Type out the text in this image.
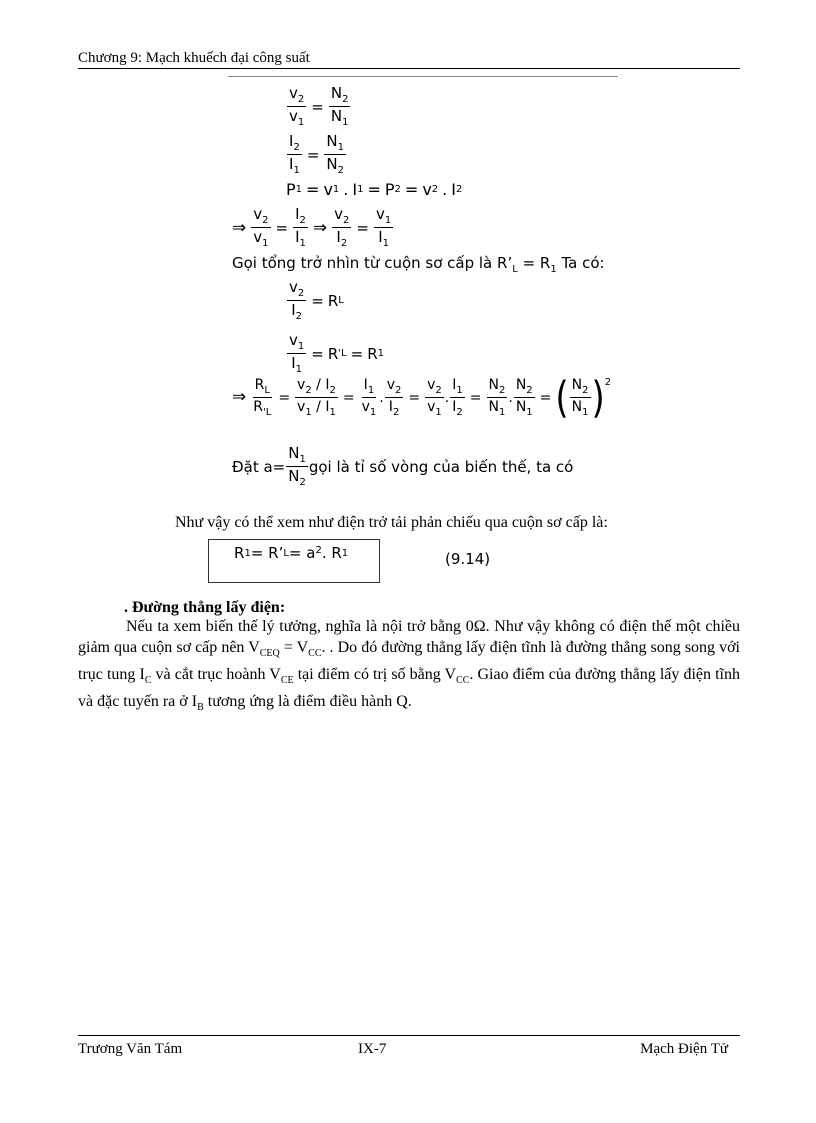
Chương 9: Mạch khuếch đại công suất
$\frac{v_2}{v_1} = \frac{N_2}{N_1}$
$\frac{I_2}{I_1} = \frac{N_1}{N_2}$
P 1 = v 1 . I 1 = P 2 = v 2 . I 2
⇒ $\frac{v_2}{v_1} = \frac{I_2}{I_1}$ ⇒ $\frac{v_2}{I_2} = \frac{v_1}{I_1}$
Gọi tổng trở nhìn từ cuộn sơ cấp là $R’_L = R_1$ Ta có:
$\frac{v_2}{I_2} = R$ L
$\frac{v_1}{I_1} = R$ 'L = R 1
⇒ $\frac{R_L}{R_{'L}} = \frac{v_2 / I_2}{v_1 / I_1} = \frac{I_1}{v_1}$ . $\frac{v_2}{I_2} = \frac{v_2}{v_1}$ . $\frac{I_1}{I_2} = \frac{N_2}{N_1}$ . $\frac{N_2}{N_1}$ = ( $\frac{N_2}{N_1} )^2$
Đặt $a= \frac{N_1}{N_2}$ gọi là tỉ số vòng của biến thế, ta có
Như vậy có thể xem như điện trở tải phản chiếu qua cuộn sơ cấp là:
R 1 = R’ L = a 2 . R 1	(9.14)
. Đường thẳng lấy điện:
Nếu ta xem biến thế lý tưởng, nghĩa là nội trở bằng 0Ω. Như vậy không có điện thế một chiều giảm qua cuộn sơ cấp nên $V_{CEQ} = V_{CC}$. . Do đó đường thẳng lấy điện tĩnh là đường thẳng song song với trục tung $I_C$ và cắt trục hoành $V_{CE}$ tại điểm có trị số bằng $V_{CC}$. Giao điểm của đường thẳng lấy điện tĩnh và đặc tuyến ra ở $I_B$ tương ứng là điểm điều hành Q.
Trương Văn Tám	IX-7	Mạch Điện Tử
